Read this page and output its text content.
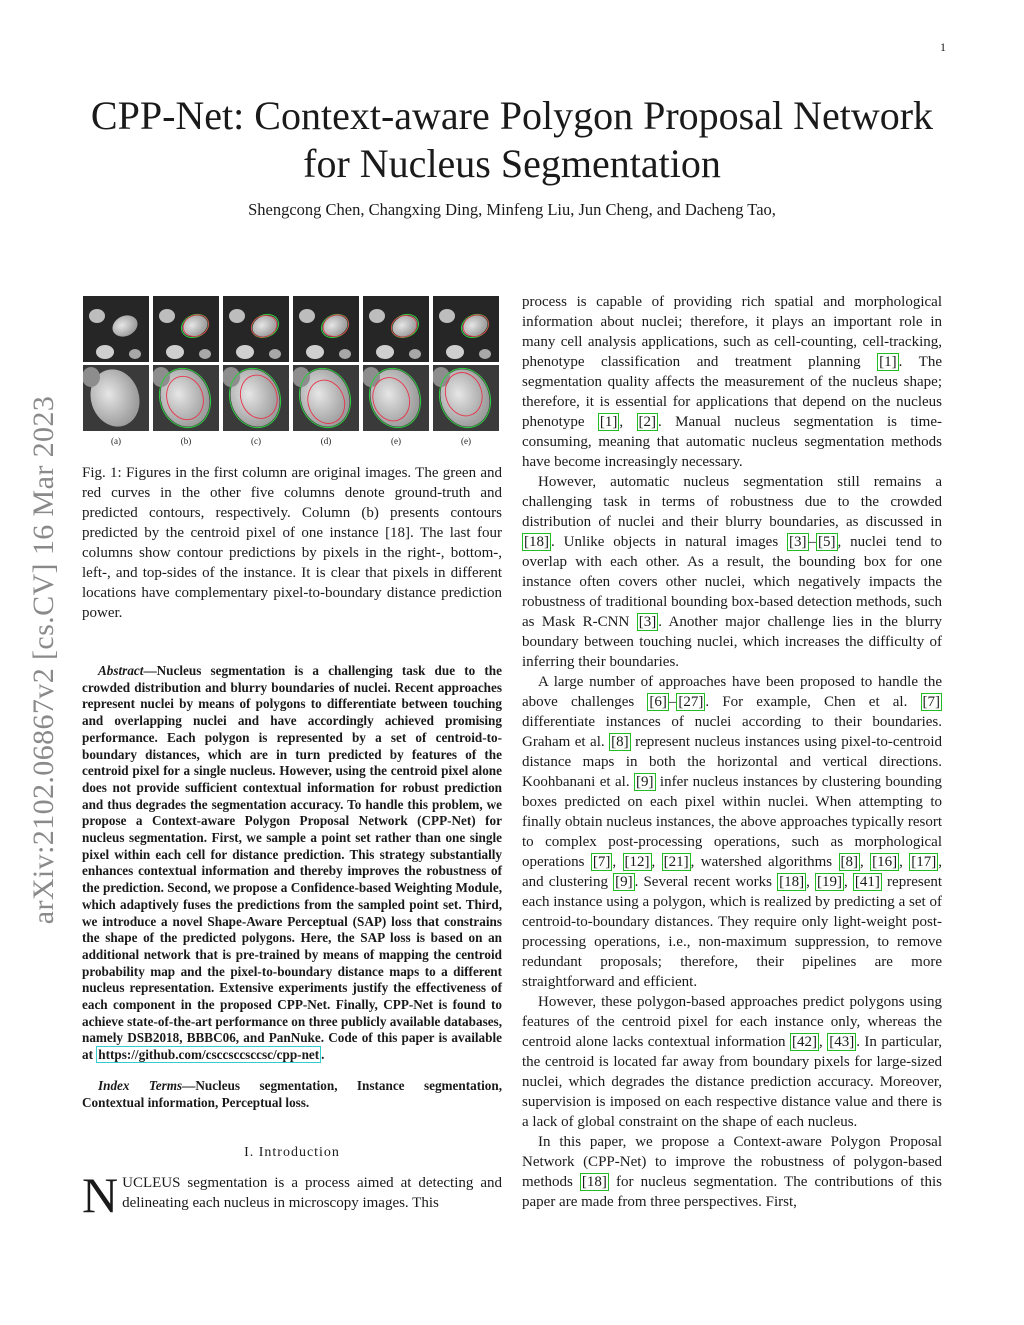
1
arXiv:2102.06867v2 [cs.CV] 16 Mar 2023
CPP-Net: Context-aware Polygon Proposal Network
for Nucleus Segmentation
Shengcong Chen, Changxing Ding, Minfeng Liu, Jun Cheng, and Dacheng Tao,
(a)	(b)	(c)	(d)	(e)	(e)

Fig. 1: Figures in the first column are original images. The green and red curves in the other five columns denote ground-truth and predicted contours, respectively. Column (b) presents contours predicted by the centroid pixel of one instance [18]. The last four columns show contour predictions by pixels in the right-, bottom-, left-, and top-sides of the instance. It is clear that pixels in different locations have complementary pixel-to-boundary distance prediction power.

Abstract—Nucleus segmentation is a challenging task due to the crowded distribution and blurry boundaries of nuclei. Recent approaches represent nuclei by means of polygons to differentiate between touching and overlapping nuclei and have accordingly achieved promising performance. Each polygon is represented by a set of centroid-to-boundary distances, which are in turn predicted by features of the centroid pixel for a single nucleus. However, using the centroid pixel alone does not provide sufficient contextual information for robust prediction and thus degrades the segmentation accuracy. To handle this problem, we propose a Context-aware Polygon Proposal Network (CPP-Net) for nucleus segmentation. First, we sample a point set rather than one single pixel within each cell for distance prediction. This strategy substantially enhances contextual information and thereby improves the robustness of the prediction. Second, we propose a Confidence-based Weighting Module, which adaptively fuses the predictions from the sampled point set. Third, we introduce a novel Shape-Aware Perceptual (SAP) loss that constrains the shape of the predicted polygons. Here, the SAP loss is based on an additional network that is pre-trained by means of mapping the centroid probability map and the pixel-to-boundary distance maps to a different nucleus representation. Extensive experiments justify the effectiveness of each component in the proposed CPP-Net. Finally, CPP-Net is found to achieve state-of-the-art performance on three publicly available databases, namely DSB2018, BBBC06, and PanNuke. Code of this paper is available at https://github.com/csccsccsccsc/cpp-net .

Index Terms—Nucleus segmentation, Instance segmentation, Contextual information, Perceptual loss.

I. Introduction
N UCLEUS segmentation is a process aimed at detecting and delineating each nucleus in microscopy images. This

process is capable of providing rich spatial and morphological information about nuclei; therefore, it plays an important role in many cell analysis applications, such as cell-counting, cell-tracking, phenotype classification and treatment planning [1] . The segmentation quality affects the measurement of the nucleus shape; therefore, it is essential for applications that depend on the nucleus phenotype [1] , [2] . Manual nucleus segmentation is time-consuming, meaning that automatic nucleus segmentation methods have become increasingly necessary.

However, automatic nucleus segmentation still remains a challenging task in terms of robustness due to the crowded distribution of nuclei and their blurry boundaries, as discussed in [18] . Unlike objects in natural images [3] – [5] , nuclei tend to overlap with each other. As a result, the bounding box for one instance often covers other nuclei, which negatively impacts the robustness of traditional bounding box-based detection methods, such as Mask R-CNN [3] . Another major challenge lies in the blurry boundary between touching nuclei, which increases the difficulty of inferring their boundaries.

A large number of approaches have been proposed to handle the above challenges [6] – [27] . For example, Chen et al. [7] differentiate instances of nuclei according to their boundaries. Graham et al. [8] represent nucleus instances using pixel-to-centroid distance maps in both the horizontal and vertical directions. Koohbanani et al. [9] infer nucleus instances by clustering bounding boxes predicted on each pixel within nuclei. When attempting to finally obtain nucleus instances, the above approaches typically resort to complex post-processing operations, such as morphological operations [7] , [12] , [21] , watershed algorithms [8] , [16] , [17] , and clustering [9] . Several recent works [18] , [19] , [41] represent each instance using a polygon, which is realized by predicting a set of centroid-to-boundary distances. They require only light-weight post-processing operations, i.e., non-maximum suppression, to remove redundant proposals; therefore, their pipelines are more straightforward and efficient.

However, these polygon-based approaches predict polygons using features of the centroid pixel for each instance only, whereas the centroid alone lacks contextual information [42] , [43] . In particular, the centroid is located far away from boundary pixels for large-sized nuclei, which degrades the distance prediction accuracy. Moreover, supervision is imposed on each respective distance value and there is a lack of global constraint on the shape of each nucleus.

In this paper, we propose a Context-aware Polygon Proposal Network (CPP-Net) to improve the robustness of polygon-based methods [18] for nucleus segmentation. The contributions of this paper are made from three perspectives. First,
